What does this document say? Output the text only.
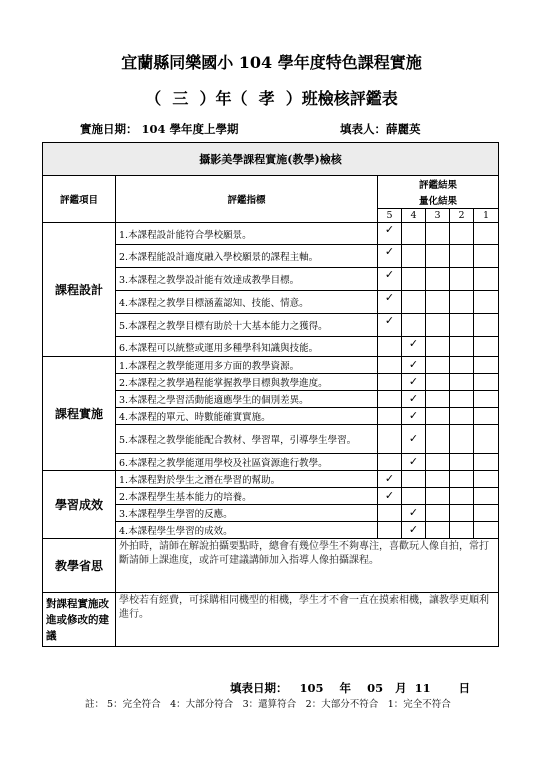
宜蘭縣同樂國小 104 學年度特色課程實施
（  三  ）年（  孝  ）班檢核評鑑表
實施日期： 104 學年度上學期	填表人：薛麗英
攝影美學課程實施(教學)檢核						
評鑑項目	評鑑指標	評鑑結果				
		量化結果				
		5	4	3	2	1
課程設計	1.本課程設計能符合學校願景。	✓				
	2.本課程能設計適度融入學校願景的課程主軸。	✓				
	3.本課程之教學設計能有效達成教學目標。	✓				
	4.本課程之教學目標涵蓋認知、技能、情意。	✓				
	5.本課程之教學目標有助於十大基本能力之獲得。	✓				
	6.本課程可以統整或運用多種學科知識與技能。		✓			
課程實施	1.本課程之教學能運用多方面的教學資源。		✓			
	2.本課程之教學過程能掌握教學目標與教學進度。		✓			
	3.本課程之學習活動能適應學生的個別差異。		✓			
	4.本課程的單元、時數能確實實施。		✓			
	5.本課程之教學能能配合教材、學習單，引導學生學習。		✓			
	6.本課程之教學能運用學校及社區資源進行教學。		✓			
學習成效	1.本課程對於學生之潛在學習的幫助。	✓				
	2.本課程學生基本能力的培養。	✓				
	3.本課程學生學習的反應。		✓			
	4.本課程學生學習的成效。		✓			
教學省思	外拍時，請師在解說拍攝要點時，總會有幾位學生不夠專注，喜歡玩人像自拍，常打斷請師上課進度，或許可建議講師加入指導人像拍攝課程。					
對課程實施改進或修改的建議	學校若有經費，可採購相同機型的相機，學生才不會一直在摸索相機，讓教學更順利進行。					
填表日期： 105 年 05 月 11 日
註： 5：完全符合　4：大部分符合　3：還算符合　2：大部分不符合　1：完全不符合
